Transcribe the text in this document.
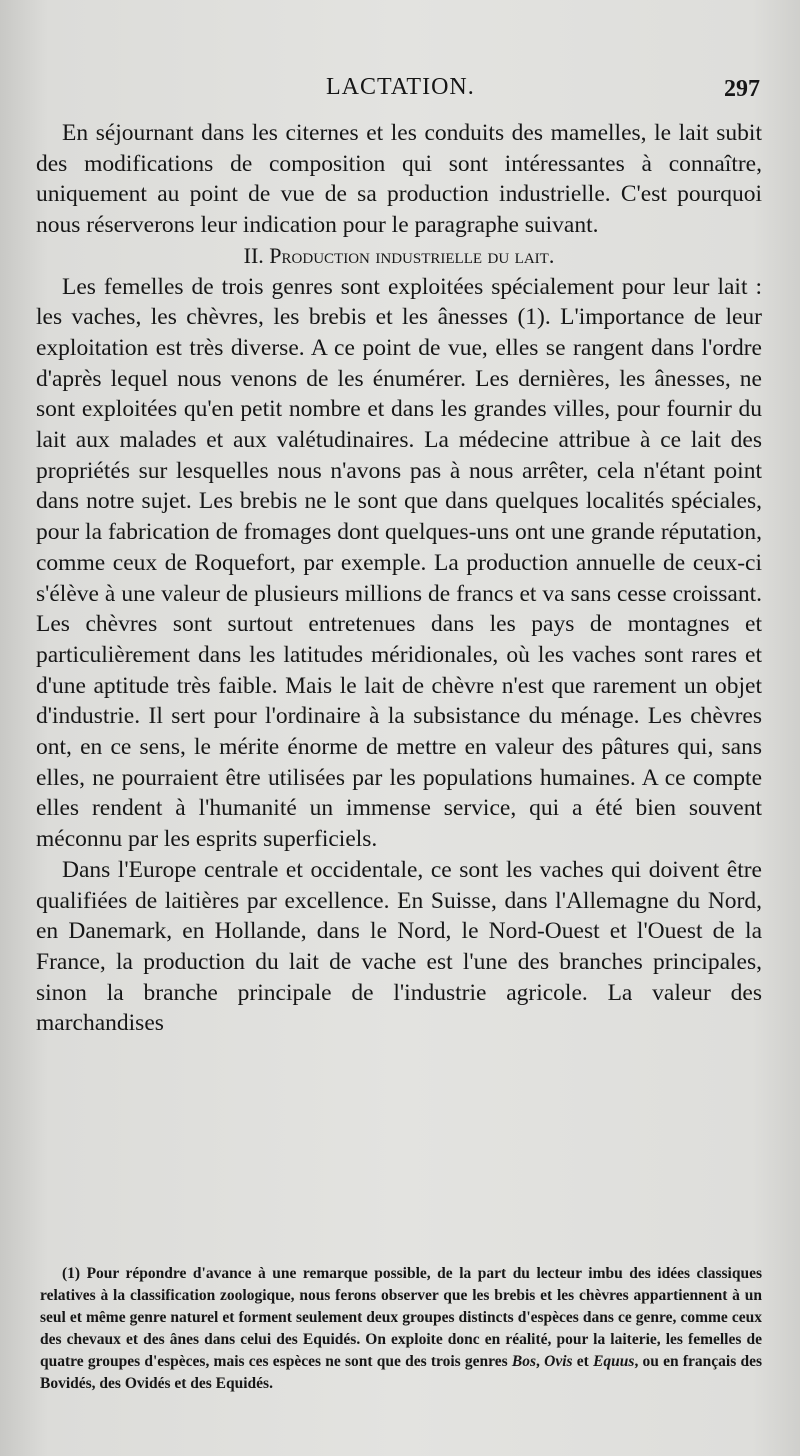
LACTATION.	297

En séjournant dans les citernes et les conduits des mamelles, le lait subit des modifications de composition qui sont intéressantes à connaître, uniquement au point de vue de sa production industrielle. C'est pourquoi nous réserverons leur indication pour le paragraphe suivant.

II. Production industrielle du lait.

Les femelles de trois genres sont exploitées spécialement pour leur lait : les vaches, les chèvres, les brebis et les ânesses (1). L'importance de leur exploitation est très diverse. A ce point de vue, elles se rangent dans l'ordre d'après lequel nous venons de les énumérer. Les dernières, les ânesses, ne sont exploitées qu'en petit nombre et dans les grandes villes, pour fournir du lait aux malades et aux valétudinaires. La médecine attribue à ce lait des propriétés sur lesquelles nous n'avons pas à nous arrêter, cela n'étant point dans notre sujet. Les brebis ne le sont que dans quelques localités spéciales, pour la fabrication de fromages dont quelques-uns ont une grande réputation, comme ceux de Roquefort, par exemple. La production annuelle de ceux-ci s'élève à une valeur de plusieurs millions de francs et va sans cesse croissant. Les chèvres sont surtout entretenues dans les pays de montagnes et particulièrement dans les latitudes méridionales, où les vaches sont rares et d'une aptitude très faible. Mais le lait de chèvre n'est que rarement un objet d'industrie. Il sert pour l'ordinaire à la subsistance du ménage. Les chèvres ont, en ce sens, le mérite énorme de mettre en valeur des pâtures qui, sans elles, ne pourraient être utilisées par les populations humaines. A ce compte elles rendent à l'humanité un immense service, qui a été bien souvent méconnu par les esprits superficiels.

Dans l'Europe centrale et occidentale, ce sont les vaches qui doivent être qualifiées de laitières par excellence. En Suisse, dans l'Allemagne du Nord, en Danemark, en Hollande, dans le Nord, le Nord-Ouest et l'Ouest de la France, la production du lait de vache est l'une des branches principales, sinon la branche principale de l'industrie agricole. La valeur des marchandises

(1) Pour répondre d'avance à une remarque possible, de la part du lecteur imbu des idées classiques relatives à la classification zoologique, nous ferons observer que les brebis et les chèvres appartiennent à un seul et même genre naturel et forment seulement deux groupes distincts d'espèces dans ce genre, comme ceux des chevaux et des ânes dans celui des Equidés. On exploite donc en réalité, pour la laiterie, les femelles de quatre groupes d'espèces, mais ces espèces ne sont que des trois genres Bos, Ovis et Equus, ou en français des Bovidés, des Ovidés et des Equidés.
